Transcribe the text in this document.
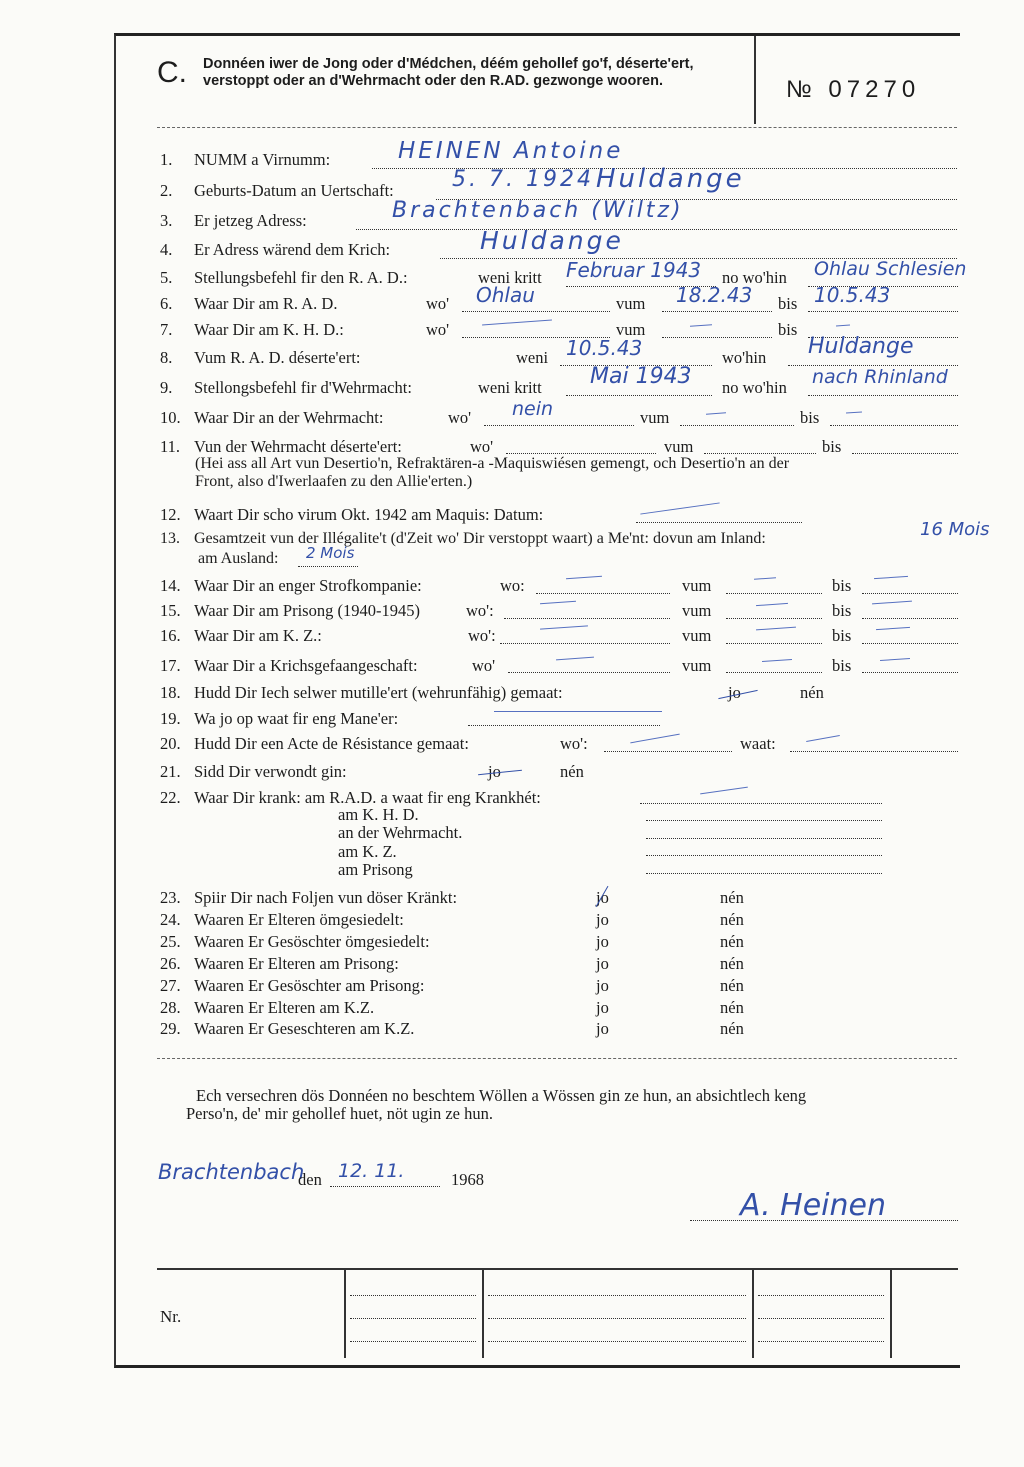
C. Donnéen iwer de Jong oder d'Médchen, déém gehollef go'f, déserte'ert, verstoppt oder an d'Wehrmacht oder den R.AD. gezwonge wooren.	№ 07270
1. NUMM a Virnumm:	HEINEN Antoine
2. Geburts-Datum an Uertschaft:	5. 7. 1924 Huldange
3. Er jetzeg Adress:	Brachtenbach (Wiltz)
4. Er Adress wärend dem Krich:	Huldange
5. Stellungsbefehl fir den R. A. D.:	weni kritt Februar 1943 no wo'hin Ohlau Schlesien
6. Waar Dir am R. A. D.	wo' Ohlau	vum 18.2.43 bis 10.5.43
7. Waar Dir am K. H. D.:	wo'	vum	bis
8. Vum R. A. D. déserte'ert:	weni 10.5.43	wo'hin Huldange
9. Stellongsbefehl fir d'Wehrmacht:	weni kritt Mai 1943 no wo'hin nach Rhinland
10. Waar Dir an der Wehrmacht:	wo' nein	vum	bis
11. Vun der Wehrmacht déserte'ert:	wo'	vum	bis
(Hei ass all Art vun Desertio'n, Refraktären-a -Maquiswiésen gemengt, och Desertio'n an der
Front, also d'Iwerlaafen zu den Allie'erten.)
12. Waart Dir scho virum Okt. 1942 am Maquis: Datum:
13. Gesamtzeit vun der Illégalite't (d'Zeit wo' Dir verstoppt waart) a Me'nt: dovun am Inland:	16 Mois
am Ausland: 2 Mois
14. Waar Dir an enger Strofkompanie:	wo:	vum	bis
15. Waar Dir am Prisong (1940-1945)	wo':	vum	bis
16. Waar Dir am K. Z.:	wo':	vum	bis
17. Waar Dir a Krichsgefaangeschaft:	wo'	vum	bis
18. Hudd Dir Iech selwer mutille'ert (wehrunfähig) gemaat:	jo	nén
19. Wa jo op waat fir eng Mane'er:
20. Hudd Dir een Acte de Résistance gemaat:	wo':	waat:
21. Sidd Dir verwondt gin:	jo	nén
22. Waar Dir krank: am R.A.D. a waat fir eng Krankhét:
am K. H. D.
an der Wehrmacht.
am K. Z.
am Prisong
23. Spiir Dir nach Foljen vun döser Kränkt:	jo	nén
24. Waaren Er Elteren ömgesiedelt:	jo	nén
25. Waaren Er Gesöschter ömgesiedelt:	jo	nén
26. Waaren Er Elteren am Prisong:	jo	nén
27. Waaren Er Gesöschter am Prisong:	jo	nén
28. Waaren Er Elteren am K.Z.	jo	nén
29. Waaren Er Geseschteren am K.Z.	jo	nén
Ech versechren dös Donnéen no beschtem Wöllen a Wössen gin ze hun, an absichtlech keng
Perso'n, de' mir gehollef huet, nöt ugin ze hun.
Brachtenbach
den 12. 11.	1968
A. Heinen
Nr.
